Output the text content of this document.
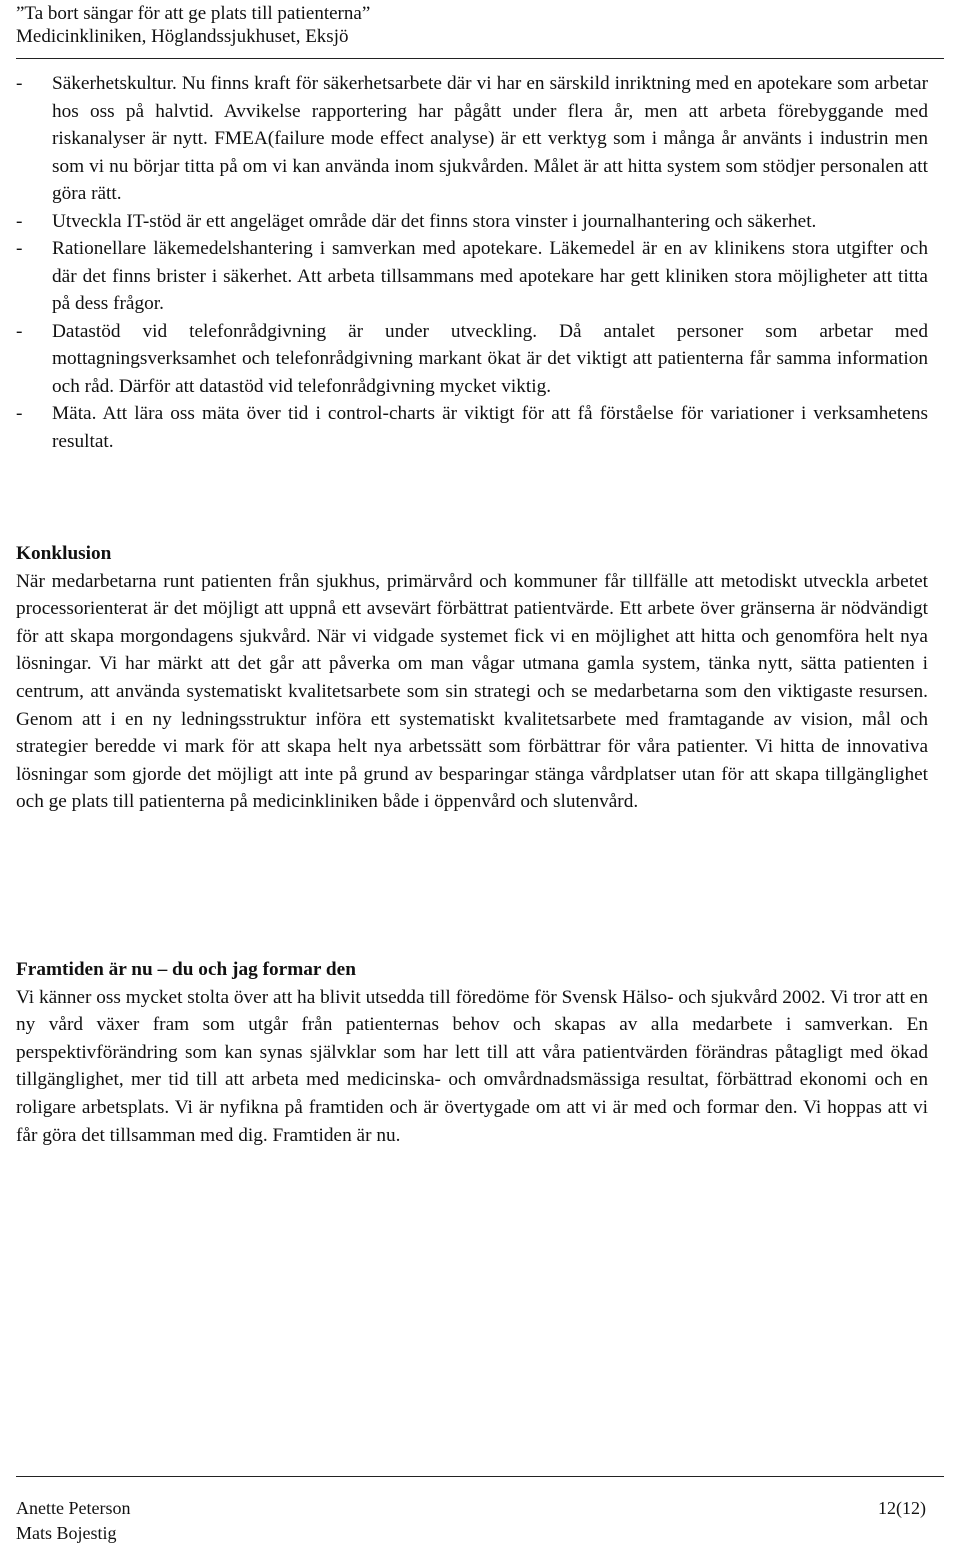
”Ta bort sängar för att ge plats till patienterna”
Medicinkliniken, Höglandssjukhuset, Eksjö
-	Säkerhetskultur. Nu finns kraft för säkerhetsarbete där vi har en särskild inriktning med en apotekare som arbetar hos oss på halvtid. Avvikelse rapportering har pågått under flera år, men att arbeta förebyggande med riskanalyser är nytt. FMEA(failure mode effect analyse) är ett verktyg som i många år använts i industrin men som vi nu börjar titta på om vi kan använda inom sjukvården. Målet är att hitta system som stödjer personalen att göra rätt.
-	Utveckla IT-stöd är ett angeläget område där det finns stora vinster i journalhantering och säkerhet.
-	Rationellare läkemedelshantering i samverkan med apotekare. Läkemedel är en av klinikens stora utgifter och där det finns brister i säkerhet. Att arbeta tillsammans med apotekare har gett kliniken stora möjligheter att titta på dess frågor.
-	Datastöd vid telefonrådgivning är under utveckling. Då antalet personer som arbetar med mottagningsverksamhet och telefonrådgivning markant ökat är det viktigt att patienterna får samma information och råd. Därför att datastöd vid telefonrådgivning mycket viktig.
-	Mäta. Att lära oss mäta över tid i control-charts är viktigt för att få förståelse för variationer i verksamhetens resultat.
Konklusion
När medarbetarna runt patienten från sjukhus, primärvård och kommuner får tillfälle att metodiskt utveckla arbetet processorienterat är det möjligt att uppnå ett avsevärt förbättrat patientvärde. Ett arbete över gränserna är nödvändigt för att skapa morgondagens sjukvård. När vi vidgade systemet fick vi en möjlighet att hitta och genomföra helt nya lösningar. Vi har märkt att det går att påverka om man vågar utmana gamla system, tänka nytt, sätta patienten i centrum, att använda systematiskt kvalitetsarbete som sin strategi och se medarbetarna som den viktigaste resursen. Genom att i en ny ledningsstruktur införa ett systematiskt kvalitetsarbete med framtagande av vision, mål och strategier beredde vi mark för att skapa helt nya arbetssätt som förbättrar för våra patienter. Vi hitta de innovativa lösningar som gjorde det möjligt att inte på grund av besparingar stänga vårdplatser utan för att skapa tillgänglighet och ge plats till patienterna på medicinkliniken både i öppenvård och slutenvård.
Framtiden är nu – du och jag formar den
Vi känner oss mycket stolta över att ha blivit utsedda till föredöme för Svensk Hälso- och sjukvård 2002. Vi tror att en ny vård växer fram som utgår från patienternas behov och skapas av alla medarbete i samverkan. En perspektivförändring som kan synas självklar som har lett till att våra patientvärden förändras påtagligt med ökad tillgänglighet, mer tid till att arbeta med medicinska- och omvårdnadsmässiga resultat, förbättrad ekonomi och en roligare arbetsplats. Vi är nyfikna på framtiden och är övertygade om att vi är med och formar den. Vi hoppas att vi får göra det tillsamman med dig. Framtiden är nu.
Anette Peterson
Mats Bojestig
12(12)
